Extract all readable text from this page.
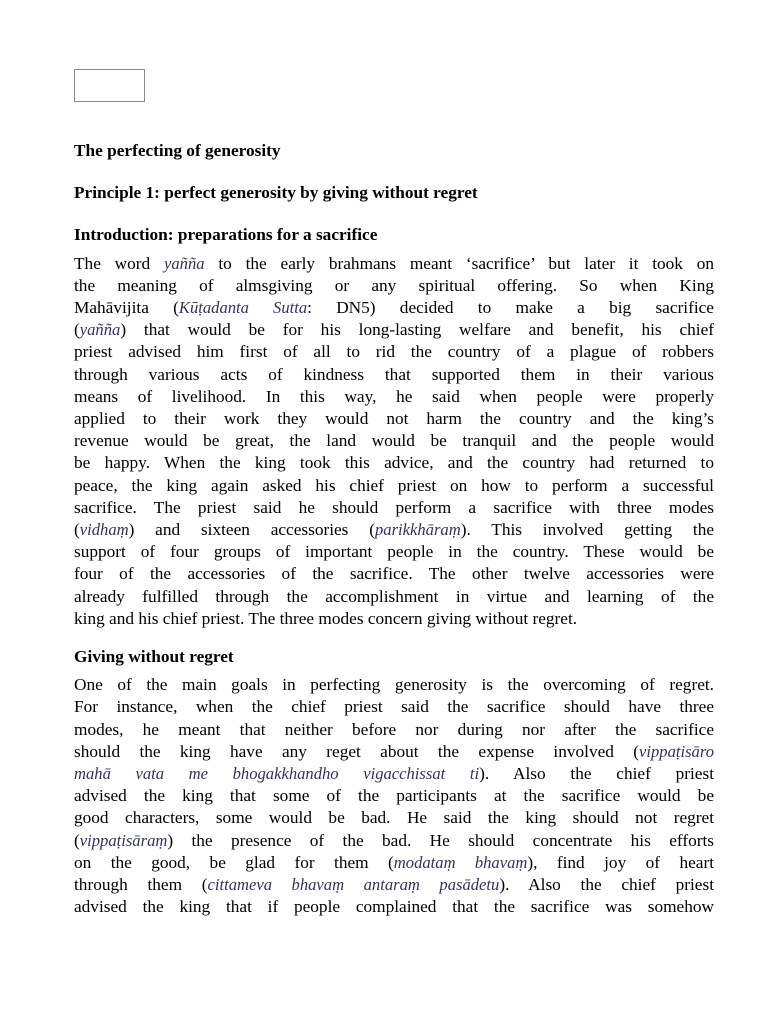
The perfecting of generosity

Principle 1: perfect generosity by giving without regret

Introduction: preparations for a sacrifice

The word yañña to the early brahmans meant ‘sacrifice’ but later it took on
the meaning of almsgiving or any spiritual offering. So when King
Mahāvijita (Kūṭadanta Sutta: DN5) decided to make a big sacrifice
(yañña) that would be for his long-lasting welfare and benefit, his chief
priest advised him first of all to rid the country of a plague of robbers
through various acts of kindness that supported them in their various
means of livelihood. In this way, he said when people were properly
applied to their work they would not harm the country and the king’s
revenue would be great, the land would be tranquil and the people would
be happy. When the king took this advice, and the country had returned to
peace, the king again asked his chief priest on how to perform a successful
sacrifice. The priest said he should perform a sacrifice with three modes
(vidhaṃ) and sixteen accessories (parikkhāraṃ). This involved getting the
support of four groups of important people in the country. These would be
four of the accessories of the sacrifice. The other twelve accessories were
already fulfilled through the accomplishment in virtue and learning of the
king and his chief priest. The three modes concern giving without regret.

Giving without regret

One of the main goals in perfecting generosity is the overcoming of regret.
For instance, when the chief priest said the sacrifice should have three
modes, he meant that neither before nor during nor after the sacrifice
should the king have any reget about the expense involved (vippaṭisāro
mahā vata me bhogakkhandho vigacchissat ti). Also the chief priest
advised the king that some of the participants at the sacrifice would be
good characters, some would be bad. He said the king should not regret
(vippaṭisāraṃ) the presence of the bad. He should concentrate his efforts
on the good, be glad for them (modataṃ bhavaṃ), find joy of heart
through them (cittameva bhavaṃ antaraṃ pasādetu). Also the chief priest
advised the king that if people complained that the sacrifice was somehow
